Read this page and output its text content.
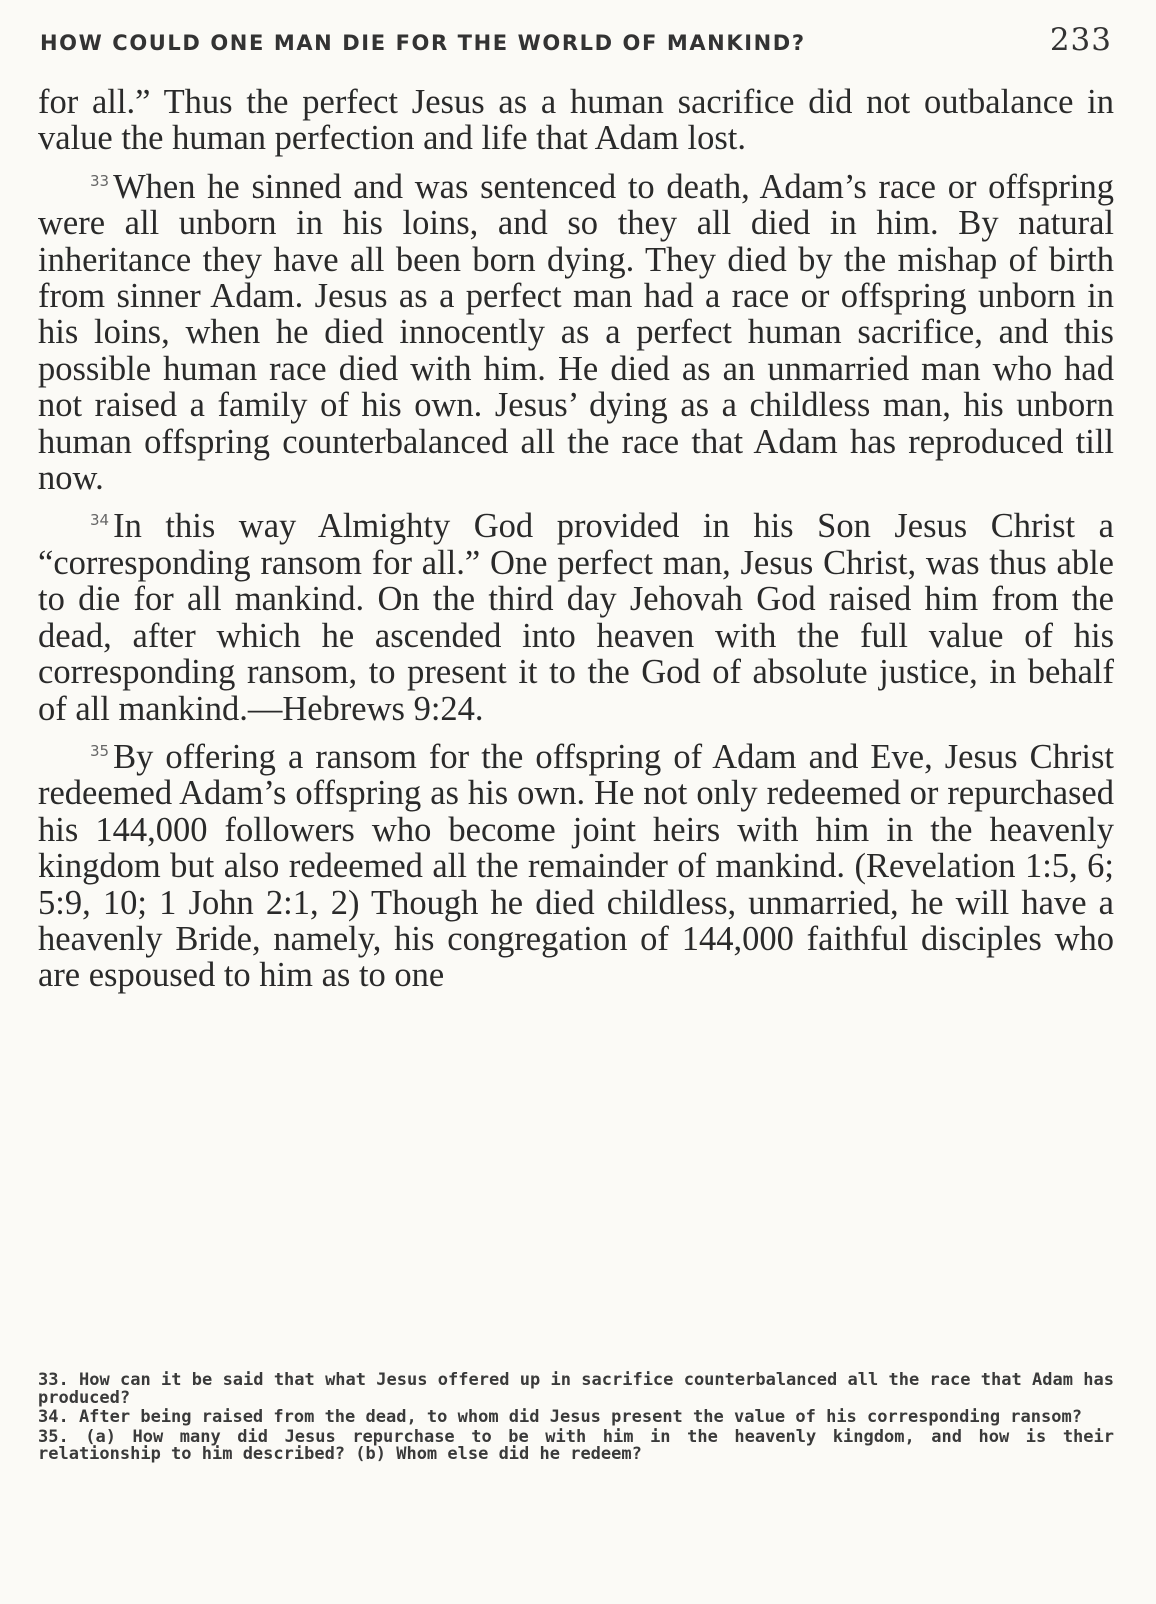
HOW COULD ONE MAN DIE FOR THE WORLD OF MANKIND?	233

for all.” Thus the perfect Jesus as a human sacrifice did not outbalance in value the human perfection and life that Adam lost.

$^{33}$ When he sinned and was sentenced to death, Adam’s race or offspring were all unborn in his loins, and so they all died in him. By natural inheritance they have all been born dying. They died by the mishap of birth from sinner Adam. Jesus as a perfect man had a race or offspring unborn in his loins, when he died innocently as a perfect human sacrifice, and this possible human race died with him. He died as an unmarried man who had not raised a family of his own. Jesus’ dying as a childless man, his unborn human offspring counterbalanced all the race that Adam has reproduced till now.

$^{34}$ In this way Almighty God provided in his Son Jesus Christ a “corresponding ransom for all.” One perfect man, Jesus Christ, was thus able to die for all mankind. On the third day Jehovah God raised him from the dead, after which he ascended into heaven with the full value of his corresponding ransom, to present it to the God of absolute justice, in behalf of all mankind.—Hebrews 9:24.

$^{35}$ By offering a ransom for the offspring of Adam and Eve, Jesus Christ redeemed Adam’s offspring as his own. He not only redeemed or repurchased his 144,000 followers who become joint heirs with him in the heavenly kingdom but also redeemed all the remainder of mankind. (Revelation 1:5, 6; 5:9, 10; 1 John 2:1, 2) Though he died childless, unmarried, he will have a heavenly Bride, namely, his congregation of 144,000 faithful disciples who are espoused to him as to one

33. How can it be said that what Jesus offered up in sacrifice counterbalanced all the race that Adam has produced?

34. After being raised from the dead, to whom did Jesus present the value of his corresponding ransom?

35. (a) How many did Jesus repurchase to be with him in the heavenly kingdom, and how is their relationship to him described? (b) Whom else did he redeem?
